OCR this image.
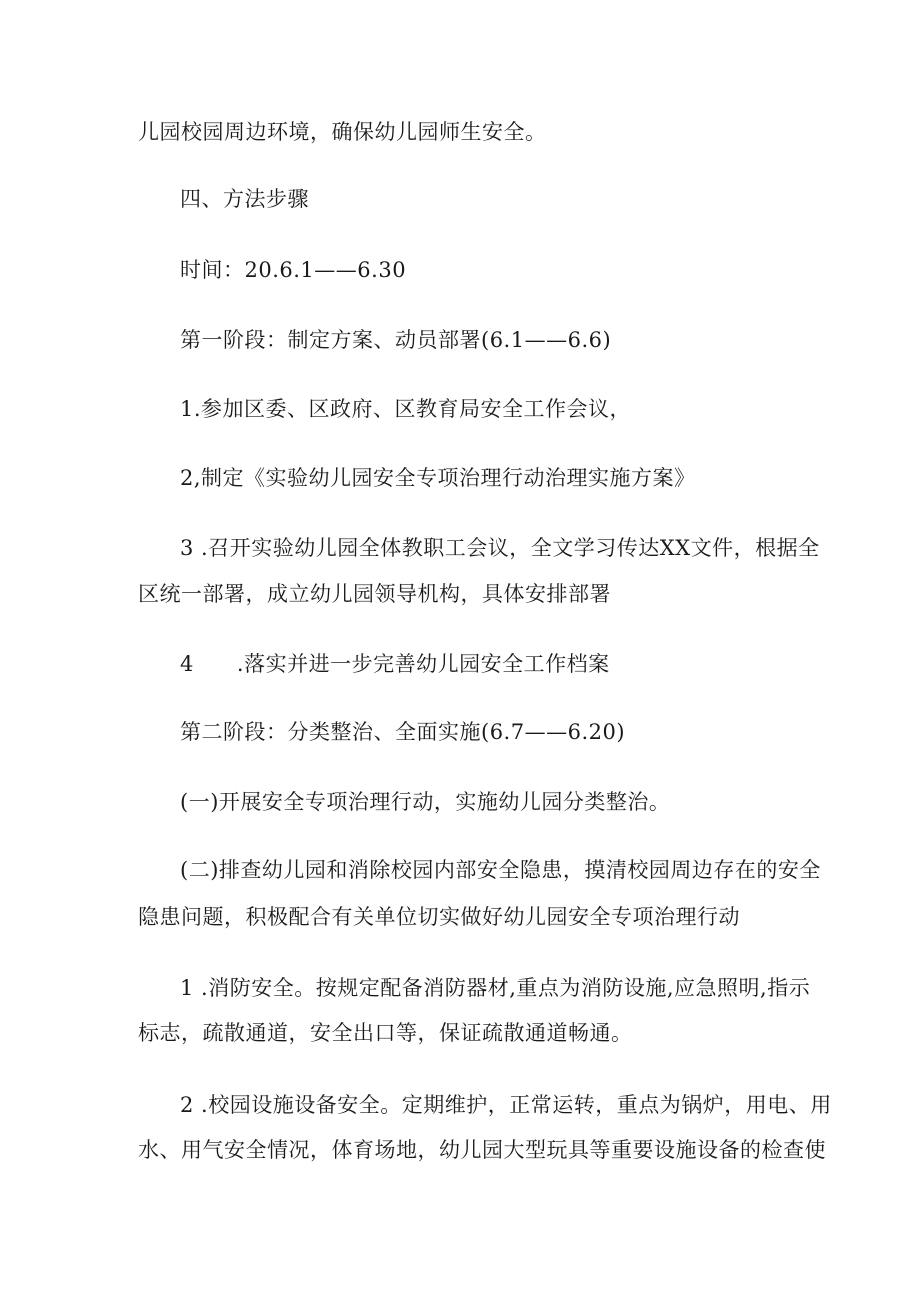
儿园校园周边环境，确保幼儿园师生安全。
四、方法步骤
时间：20.6.1——6.30
第一阶段：制定方案、动员部署(6.1——6.6)
1.参加区委、区政府、区教育局安全工作会议，
2,制定《实验幼儿园安全专项治理行动治理实施方案》
3 .召开实验幼儿园全体教职工会议，全文学习传达XX文件，根据全
区统一部署，成立幼儿园领导机构，具体安排部署
4      .落实并进一步完善幼儿园安全工作档案
第二阶段：分类整治、全面实施(6.7——6.20)
(一)开展安全专项治理行动，实施幼儿园分类整治。
(二)排查幼儿园和消除校园内部安全隐患，摸清校园周边存在的安全
隐患问题，积极配合有关单位切实做好幼儿园安全专项治理行动
1 .消防安全。按规定配备消防器材,重点为消防设施,应急照明,指示
标志，疏散通道，安全出口等，保证疏散通道畅通。
2 .校园设施设备安全。定期维护，正常运转，重点为锅炉，用电、用
水、用气安全情况，体育场地，幼儿园大型玩具等重要设施设备的检查使
